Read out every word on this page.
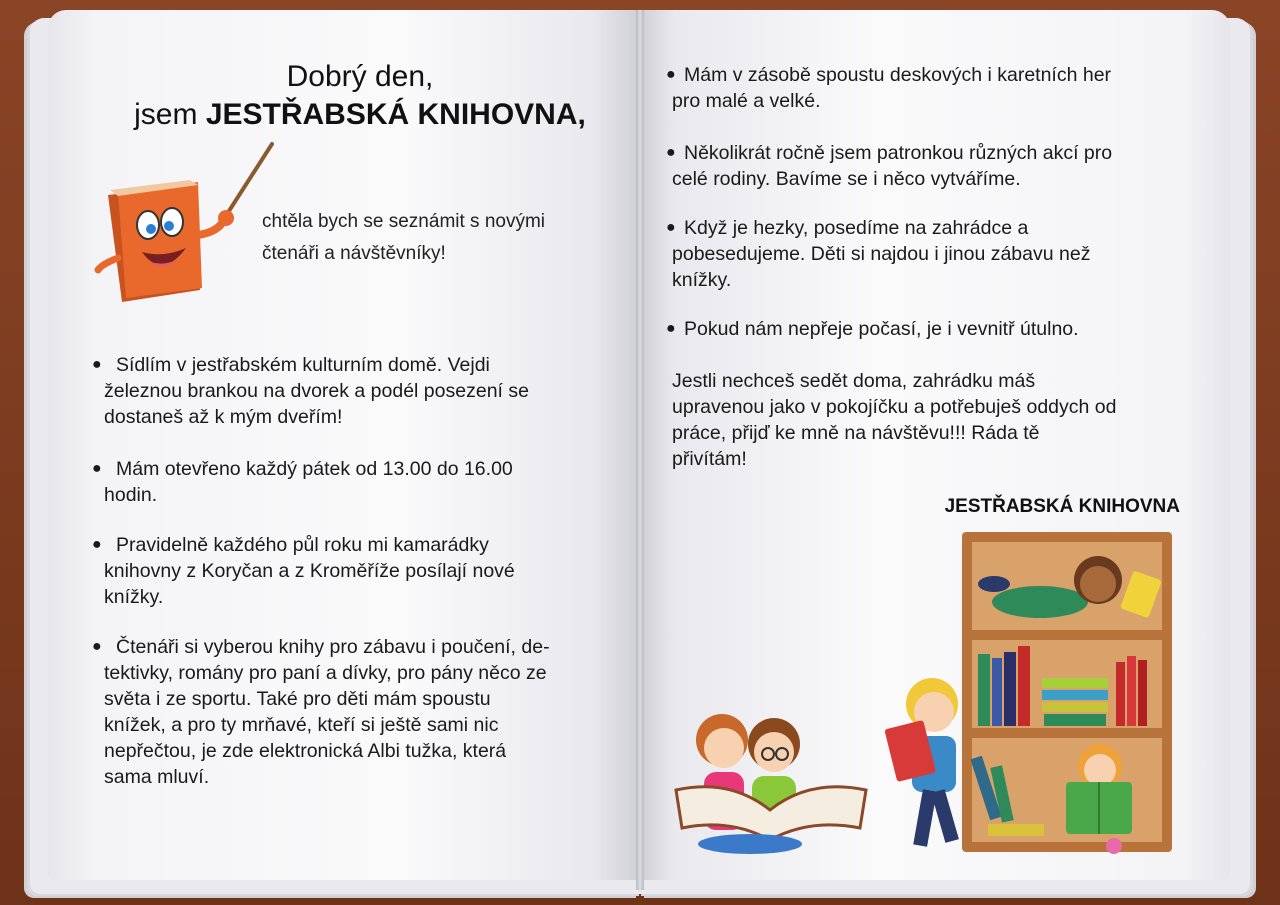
Dobrý den,
jsem JESTŘABSKÁ KNIHOVNA,
chtěla bych se seznámit s novými
čtenáři a návštěvníky!
● Sídlím v jestřabském kulturním domě. Vejdi
železnou brankou na dvorek a podél posezení se
dostaneš až k mým dveřím!
● Mám otevřeno každý pátek od 13.00 do 16.00
hodin.
● Pravidelně každého půl roku mi kamarádky
knihovny z Koryčan a z Kroměříže posílají nové
knížky.
● Čtenáři si vyberou knihy pro zábavu i poučení, de-
tektivky, romány pro paní a dívky, pro pány něco ze
světa i ze sportu. Také pro děti mám spoustu
knížek, a pro ty mrňavé, kteří si ještě sami nic
nepřečtou, je zde elektronická Albi tužka, která
sama mluví.
● Mám v zásobě spoustu deskových i karetních her
pro malé a velké.
● Několikrát ročně jsem patronkou různých akcí pro
celé rodiny. Bavíme se i něco vytváříme.
● Když je hezky, posedíme na zahrádce a
pobesedujeme. Děti si najdou i jinou zábavu než
knížky.
● Pokud nám nepřeje počasí, je i vevnitř útulno.
Jestli nechceš sedět doma, zahrádku máš
upravenou jako v pokojíčku a potřebuješ oddych od
práce, přijď ke mně na návštěvu!!! Ráda tě
přivítám!
JESTŘABSKÁ KNIHOVNA
